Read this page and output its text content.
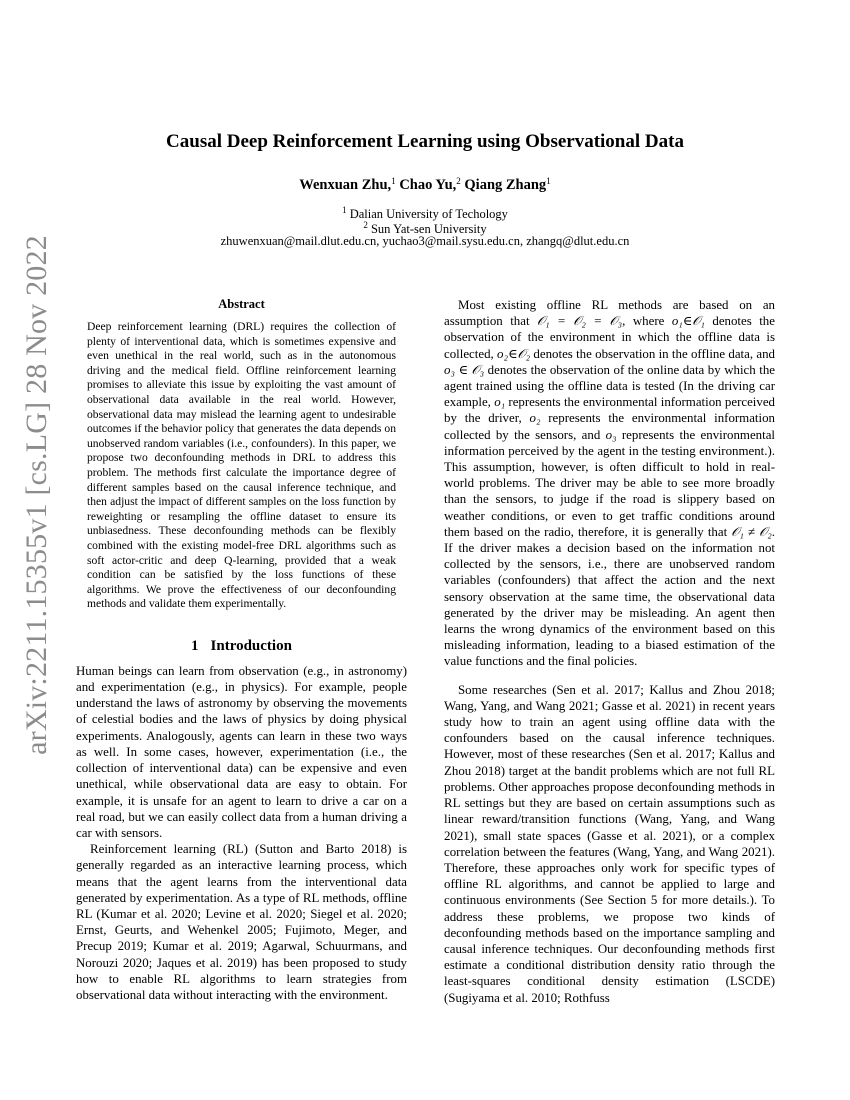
arXiv:2211.15355v1 [cs.LG] 28 Nov 2022
Causal Deep Reinforcement Learning using Observational Data
Wenxuan Zhu,$^1$ Chao Yu,$^2$ Qiang Zhang$^1$
$^1$ Dalian University of Techology
$^2$ Sun Yat-sen University
zhuwenxuan@mail.dlut.edu.cn, yuchao3@mail.sysu.edu.cn, zhangq@dlut.edu.cn
Abstract
Deep reinforcement learning (DRL) requires the collection of plenty of interventional data, which is sometimes expensive and even unethical in the real world, such as in the autonomous driving and the medical field. Offline reinforcement learning promises to alleviate this issue by exploiting the vast amount of observational data available in the real world. However, observational data may mislead the learning agent to undesirable outcomes if the behavior policy that generates the data depends on unobserved random variables (i.e., confounders). In this paper, we propose two deconfounding methods in DRL to address this problem. The methods first calculate the importance degree of different samples based on the causal inference technique, and then adjust the impact of different samples on the loss function by reweighting or resampling the offline dataset to ensure its unbiasedness. These deconfounding methods can be flexibly combined with the existing model-free DRL algorithms such as soft actor-critic and deep Q-learning, provided that a weak condition can be satisfied by the loss functions of these algorithms. We prove the effectiveness of our deconfounding methods and validate them experimentally.
1 Introduction

Human beings can learn from observation (e.g., in astronomy) and experimentation (e.g., in physics). For example, people understand the laws of astronomy by observing the movements of celestial bodies and the laws of physics by doing physical experiments. Analogously, agents can learn in these two ways as well. In some cases, however, experimentation (i.e., the collection of interventional data) can be expensive and even unethical, while observational data are easy to obtain. For example, it is unsafe for an agent to learn to drive a car on a real road, but we can easily collect data from a human driving a car with sensors.

Reinforcement learning (RL) (Sutton and Barto 2018) is generally regarded as an interactive learning process, which means that the agent learns from the interventional data generated by experimentation. As a type of RL methods, offline RL (Kumar et al. 2020; Levine et al. 2020; Siegel et al. 2020; Ernst, Geurts, and Wehenkel 2005; Fujimoto, Meger, and Precup 2019; Kumar et al. 2019; Agarwal, Schuurmans, and Norouzi 2020; Jaques et al. 2019) has been proposed to study how to enable RL algorithms to learn strategies from observational data without interacting with the environment.

Most existing offline RL methods are based on an assumption that 𝒪₁ = 𝒪₂ = 𝒪₃, where o₁∈𝒪₁ denotes the observation of the environment in which the offline data is collected, o₂∈𝒪₂ denotes the observation in the offline data, and o₃ ∈ 𝒪₃ denotes the observation of the online data by which the agent trained using the offline data is tested (In the driving car example, o₁ represents the environmental information perceived by the driver, o₂ represents the environmental information collected by the sensors, and o₃ represents the environmental information perceived by the agent in the testing environment.). This assumption, however, is often difficult to hold in real-world problems. The driver may be able to see more broadly than the sensors, to judge if the road is slippery based on weather conditions, or even to get traffic conditions around them based on the radio, therefore, it is generally that 𝒪₁ ≠ 𝒪₂. If the driver makes a decision based on the information not collected by the sensors, i.e., there are unobserved random variables (confounders) that affect the action and the next sensory observation at the same time, the observational data generated by the driver may be misleading. An agent then learns the wrong dynamics of the environment based on this misleading information, leading to a biased estimation of the value functions and the final policies.

Some researches (Sen et al. 2017; Kallus and Zhou 2018; Wang, Yang, and Wang 2021; Gasse et al. 2021) in recent years study how to train an agent using offline data with the confounders based on the causal inference techniques. However, most of these researches (Sen et al. 2017; Kallus and Zhou 2018) target at the bandit problems which are not full RL problems. Other approaches propose deconfounding methods in RL settings but they are based on certain assumptions such as linear reward/transition functions (Wang, Yang, and Wang 2021), small state spaces (Gasse et al. 2021), or a complex correlation between the features (Wang, Yang, and Wang 2021). Therefore, these approaches only work for specific types of offline RL algorithms, and cannot be applied to large and continuous environments (See Section 5 for more details.). To address these problems, we propose two kinds of deconfounding methods based on the importance sampling and causal inference techniques. Our deconfounding methods first estimate a conditional distribution density ratio through the least-squares conditional density estimation (LSCDE) (Sugiyama et al. 2010; Rothfuss
